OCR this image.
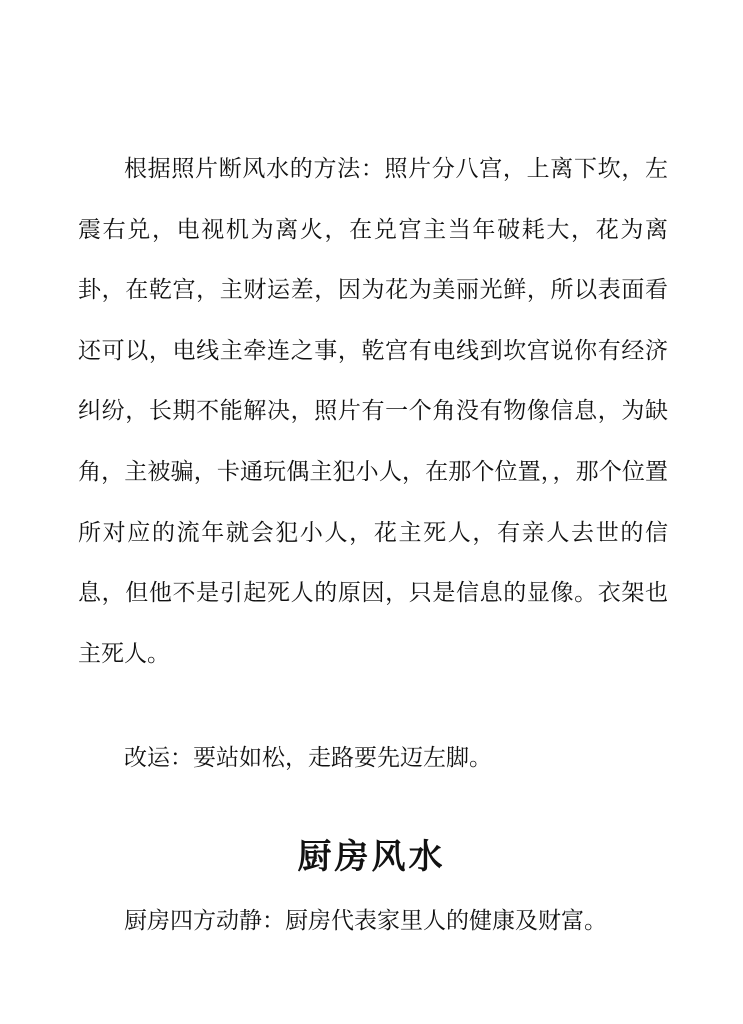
根据照片断风水的方法：照片分八宫，上离下坎，左震右兑，电视机为离火，在兑宫主当年破耗大，花为离卦，在乾宫，主财运差，因为花为美丽光鲜，所以表面看还可以，电线主牵连之事，乾宫有电线到坎宫说你有经济纠纷，长期不能解决，照片有一个角没有物像信息，为缺角，主被骗，卡通玩偶主犯小人，在那个位置，，那个位置所对应的流年就会犯小人，花主死人，有亲人去世的信息，但他不是引起死人的原因，只是信息的显像。衣架也主死人。

改运：要站如松，走路要先迈左脚。

厨房风水

厨房四方动静：厨房代表家里人的健康及财富。
